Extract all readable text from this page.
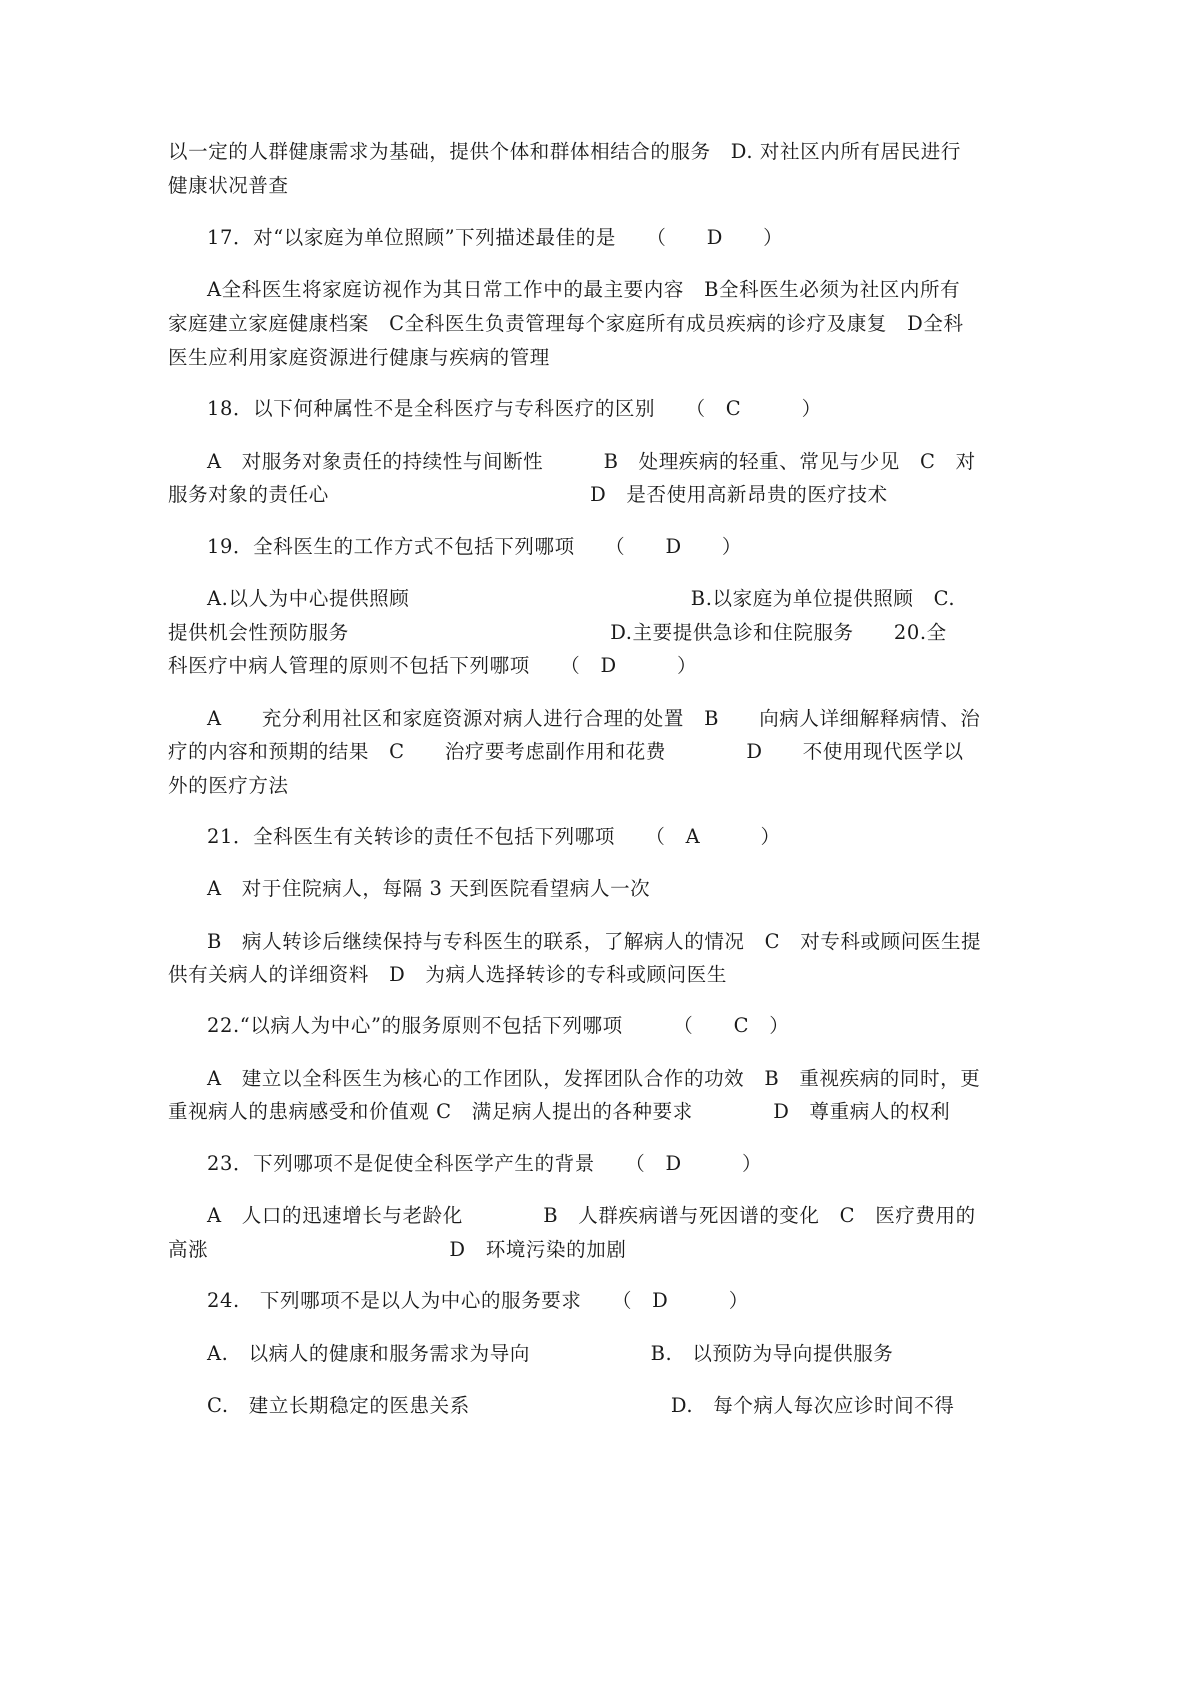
以一定的人群健康需求为基础，提供个体和群体相结合的服务　D. 对社区内所有居民进行
健康状况普查
17．对“以家庭为单位照顾”下列描述最佳的是　　（　　D　　）
A全科医生将家庭访视作为其日常工作中的最主要内容　B全科医生必须为社区内所有
家庭建立家庭健康档案　C全科医生负责管理每个家庭所有成员疾病的诊疗及康复　D全科
医生应利用家庭资源进行健康与疾病的管理
18．以下何种属性不是全科医疗与专科医疗的区别　　（　C　　　）
A　对服务对象责任的持续性与间断性　　　B　处理疾病的轻重、常见与少见　C　对
服务对象的责任心　　　　　　　　　　　　　D　是否使用高新昂贵的医疗技术
19．全科医生的工作方式不包括下列哪项　　（　　D　　）
A.以人为中心提供照顾　　　　　　　　　　　　　　B.以家庭为单位提供照顾　C.
提供机会性预防服务　　　　　　　　　　　　　D.主要提供急诊和住院服务　　20.全
科医疗中病人管理的原则不包括下列哪项　　（　D　　　）
A　　充分利用社区和家庭资源对病人进行合理的处置　B　　向病人详细解释病情、治
疗的内容和预期的结果　C　　治疗要考虑副作用和花费　　　　D　　不使用现代医学以
外的医疗方法
21．全科医生有关转诊的责任不包括下列哪项　　（　A　　　）
A　对于住院病人，每隔 3 天到医院看望病人一次
B　病人转诊后继续保持与专科医生的联系，了解病人的情况　C　对专科或顾问医生提
供有关病人的详细资料　D　为病人选择转诊的专科或顾问医生
22.“以病人为中心”的服务原则不包括下列哪项　　　（　　C　）
A　建立以全科医生为核心的工作团队，发挥团队合作的功效　B　重视疾病的同时，更
重视病人的患病感受和价值观 C　满足病人提出的各种要求　　　　D　尊重病人的权利
23．下列哪项不是促使全科医学产生的背景　　（　D　　　）
A　人口的迅速增长与老龄化　　　　B　人群疾病谱与死因谱的变化　C　医疗费用的
高涨　　　　　　　　　　　　D　环境污染的加剧
24.　下列哪项不是以人为中心的服务要求　　（　D　　　）
A.　以病人的健康和服务需求为导向　　　　　　B.　以预防为导向提供服务
C.　建立长期稳定的医患关系　　　　　　　　　　D.　每个病人每次应诊时间不得
